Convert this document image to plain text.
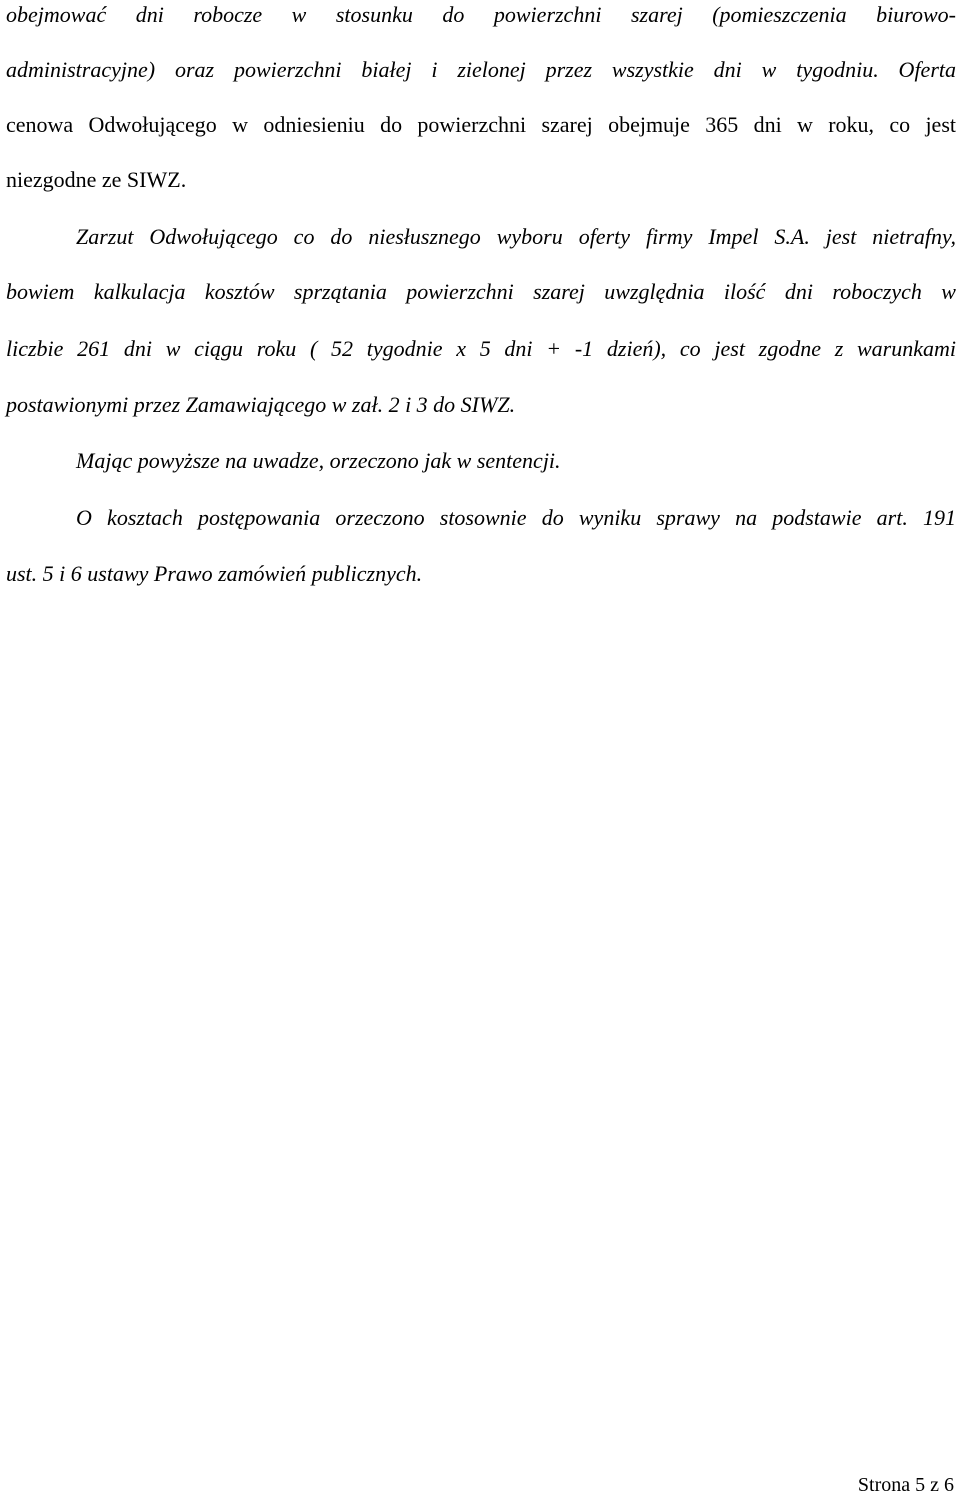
obejmować dni robocze w stosunku do powierzchni szarej (pomieszczenia biurowo-
administracyjne) oraz powierzchni białej i zielonej przez wszystkie dni w tygodniu. Oferta
cenowa Odwołującego w odniesieniu do powierzchni szarej obejmuje 365 dni w roku, co jest
niezgodne ze SIWZ.
Zarzut Odwołującego co do niesłusznego wyboru oferty firmy Impel S.A. jest nietrafny,
bowiem kalkulacja kosztów sprzątania powierzchni szarej uwzględnia ilość dni roboczych w
liczbie 261 dni w ciągu roku ( 52 tygodnie x 5 dni + -1 dzień), co jest zgodne z warunkami
postawionymi przez Zamawiającego w zał. 2 i 3 do SIWZ.
Mając powyższe na uwadze, orzeczono jak w sentencji.
O kosztach postępowania orzeczono stosownie do wyniku sprawy na podstawie art. 191
ust. 5 i 6 ustawy Prawo zamówień publicznych.
Strona 5 z 6
